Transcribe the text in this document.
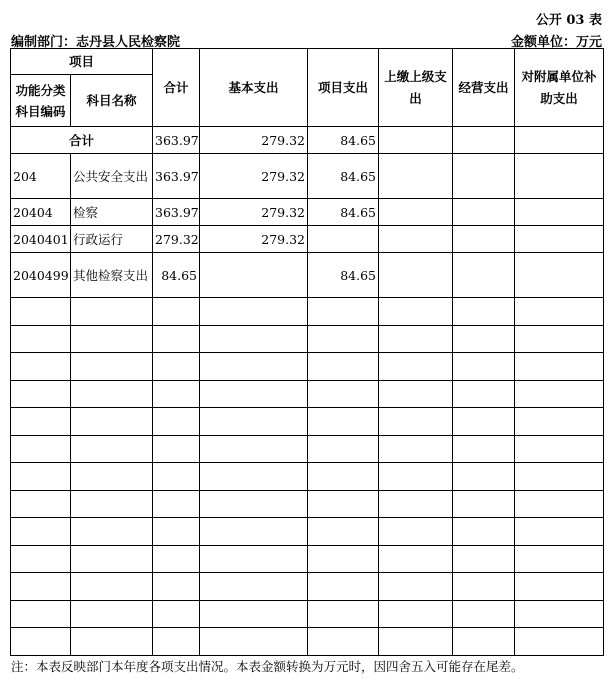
公开 03 表
编制部门：志丹县人民检察院	金额单位：万元
项目		合计	基本支出	项目支出	上缴上级支出	经营支出	对附属单位补助支出
功能分类科目编码	科目名称						
合计		363.97	279.32	84.65			
204	公共安全支出	363.97	279.32	84.65			
20404	检察	363.97	279.32	84.65			
2040401	行政运行	279.32	279.32				
2040499	其他检察支出	84.65		84.65			

注：本表反映部门本年度各项支出情况。本表金额转换为万元时，因四舍五入可能存在尾差。
